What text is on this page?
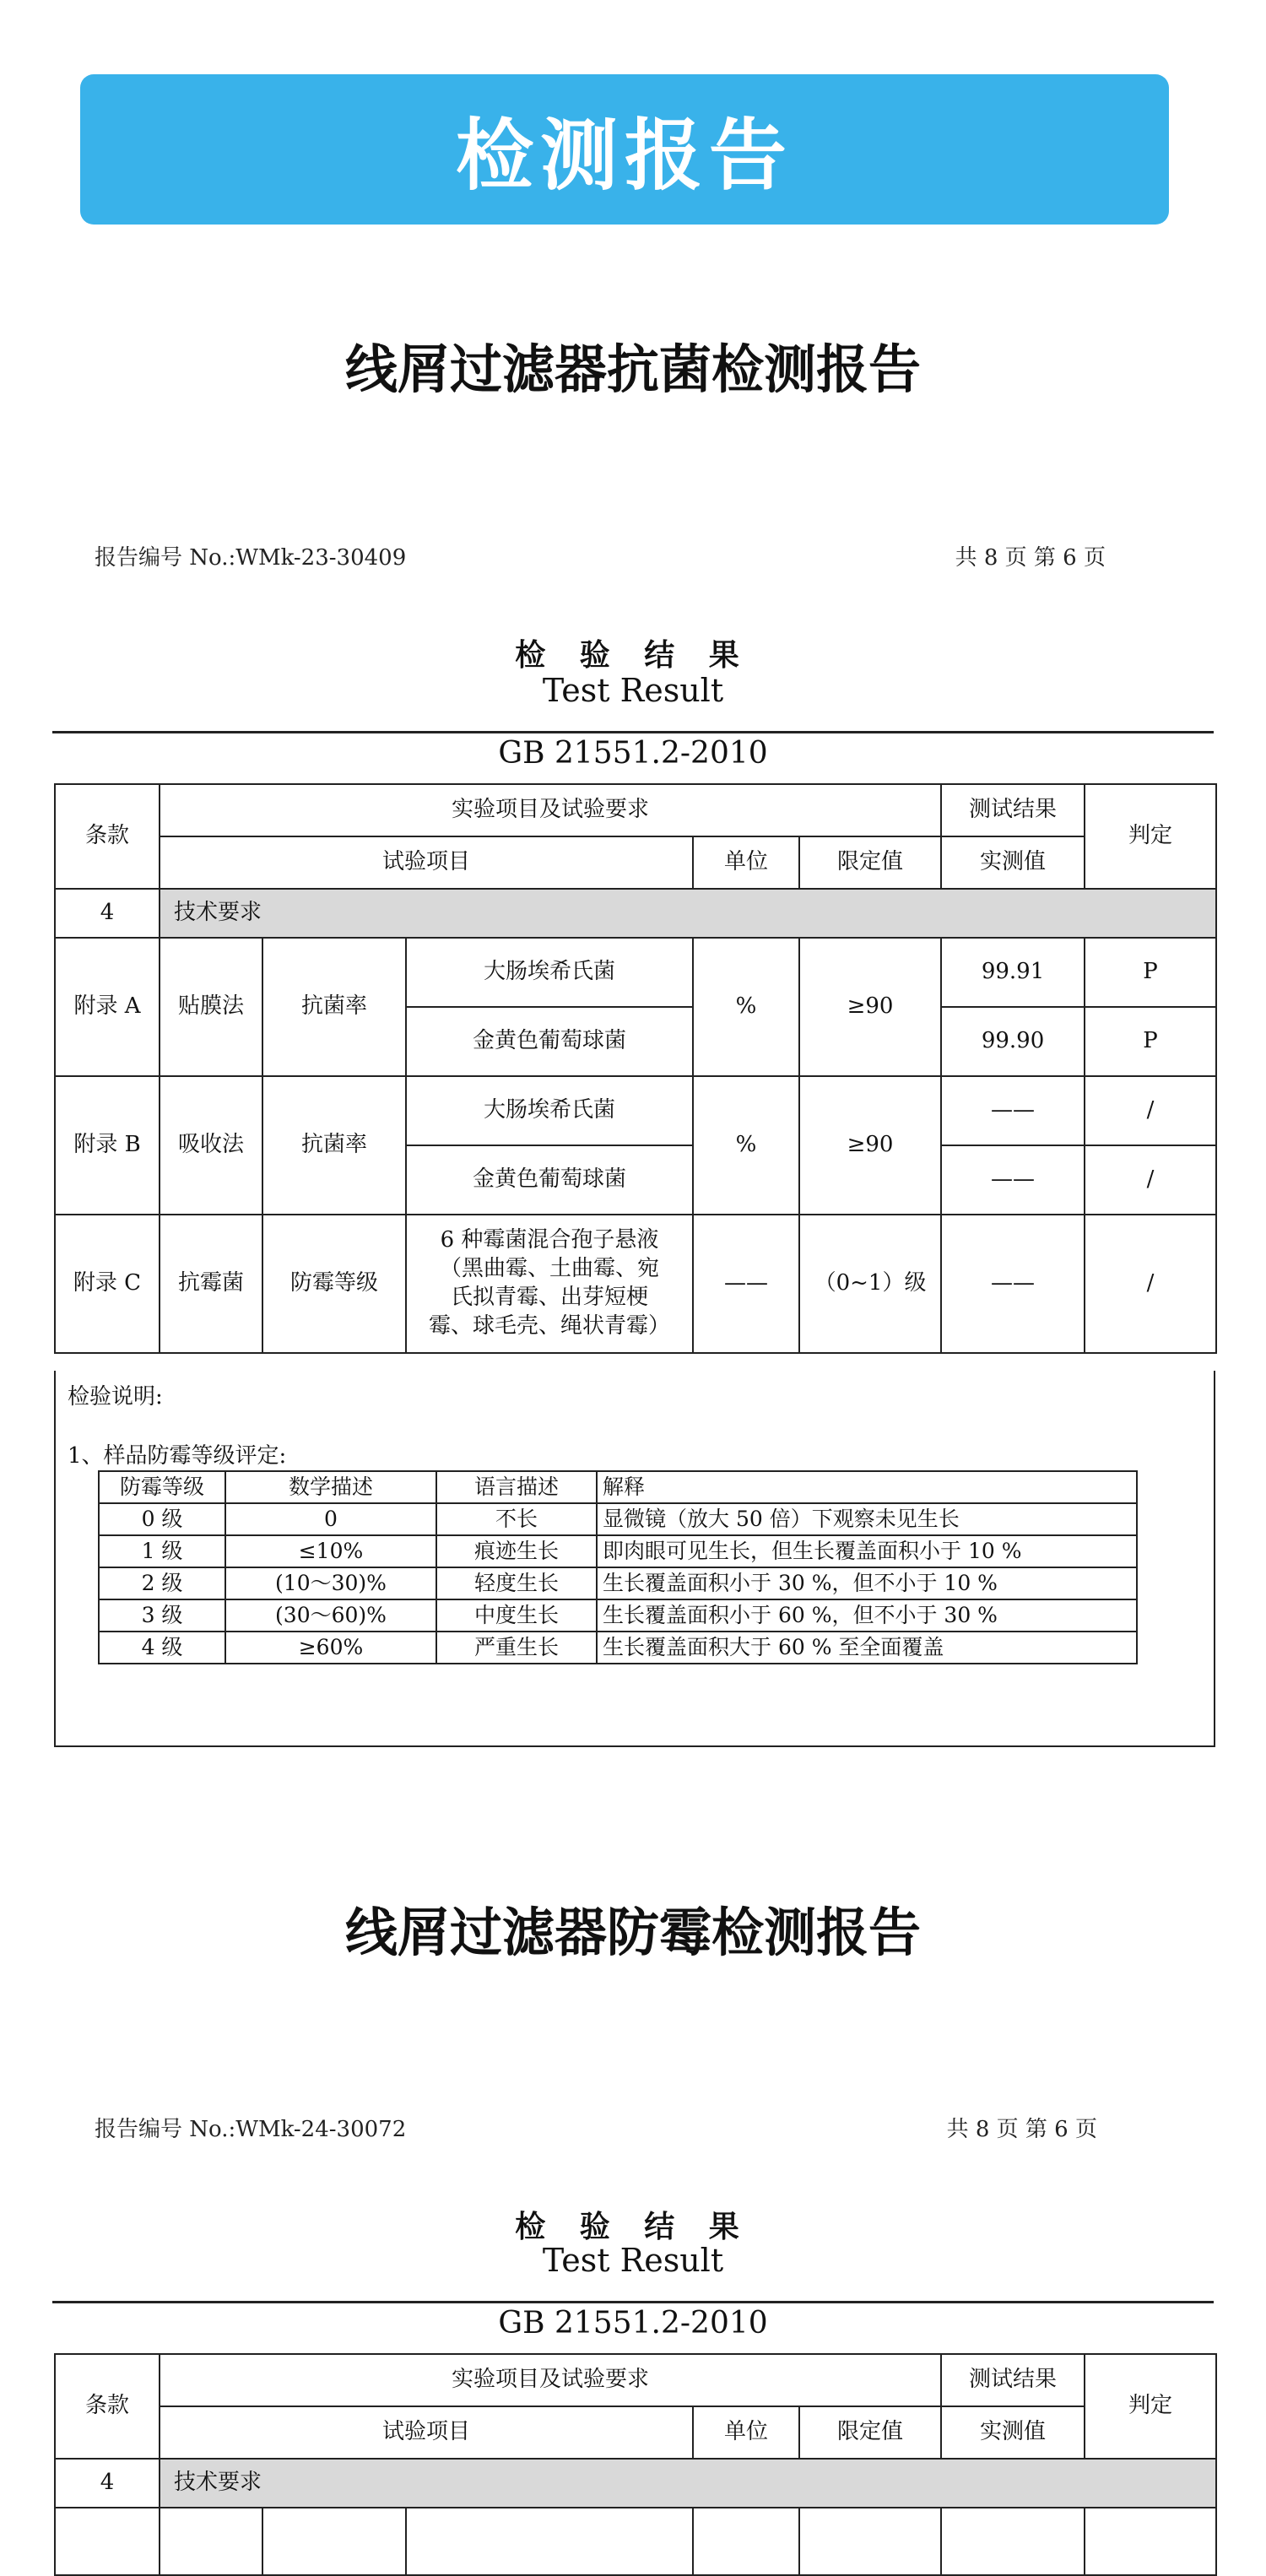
检测报告
线屑过滤器抗菌检测报告
报告编号 No.:WMk-23-30409	共 8 页 第 6 页
检 验 结 果
Test Result
GB 21551.2-2010
条款	实验项目及试验要求					测试结果	判定
	试验项目			单位	限定值	实测值	
4	技术要求						
附录 A	贴膜法	抗菌率	大肠埃希氏菌	%	≥90	99.91	P
			金黄色葡萄球菌			99.90	P
附录 B	吸收法	抗菌率	大肠埃希氏菌	%	≥90	——	/
			金黄色葡萄球菌			——	/
附录 C	抗霉菌	防霉等级	6 种霉菌混合孢子悬液
（黑曲霉、土曲霉、宛
氏拟青霉、出芽短梗
霉、球毛壳、绳状青霉）	——	（0~1）级	——	/
检验说明:
1、样品防霉等级评定:
防霉等级	数学描述	语言描述	解释
0 级	0	不长	显微镜（放大 50 倍）下观察未见生长
1 级	≤10%	痕迹生长	即肉眼可见生长，但生长覆盖面积小于 10 %
2 级	(10～30)%	轻度生长	生长覆盖面积小于 30 %，但不小于 10 %
3 级	(30～60)%	中度生长	生长覆盖面积小于 60 %，但不小于 30 %
4 级	≥60%	严重生长	生长覆盖面积大于 60 % 至全面覆盖
线屑过滤器防霉检测报告
报告编号 No.:WMk-24-30072	共 8 页 第 6 页
检 验 结 果
Test Result
GB 21551.2-2010
条款	实验项目及试验要求					测试结果	判定
	试验项目			单位	限定值	实测值	
4	技术要求						
